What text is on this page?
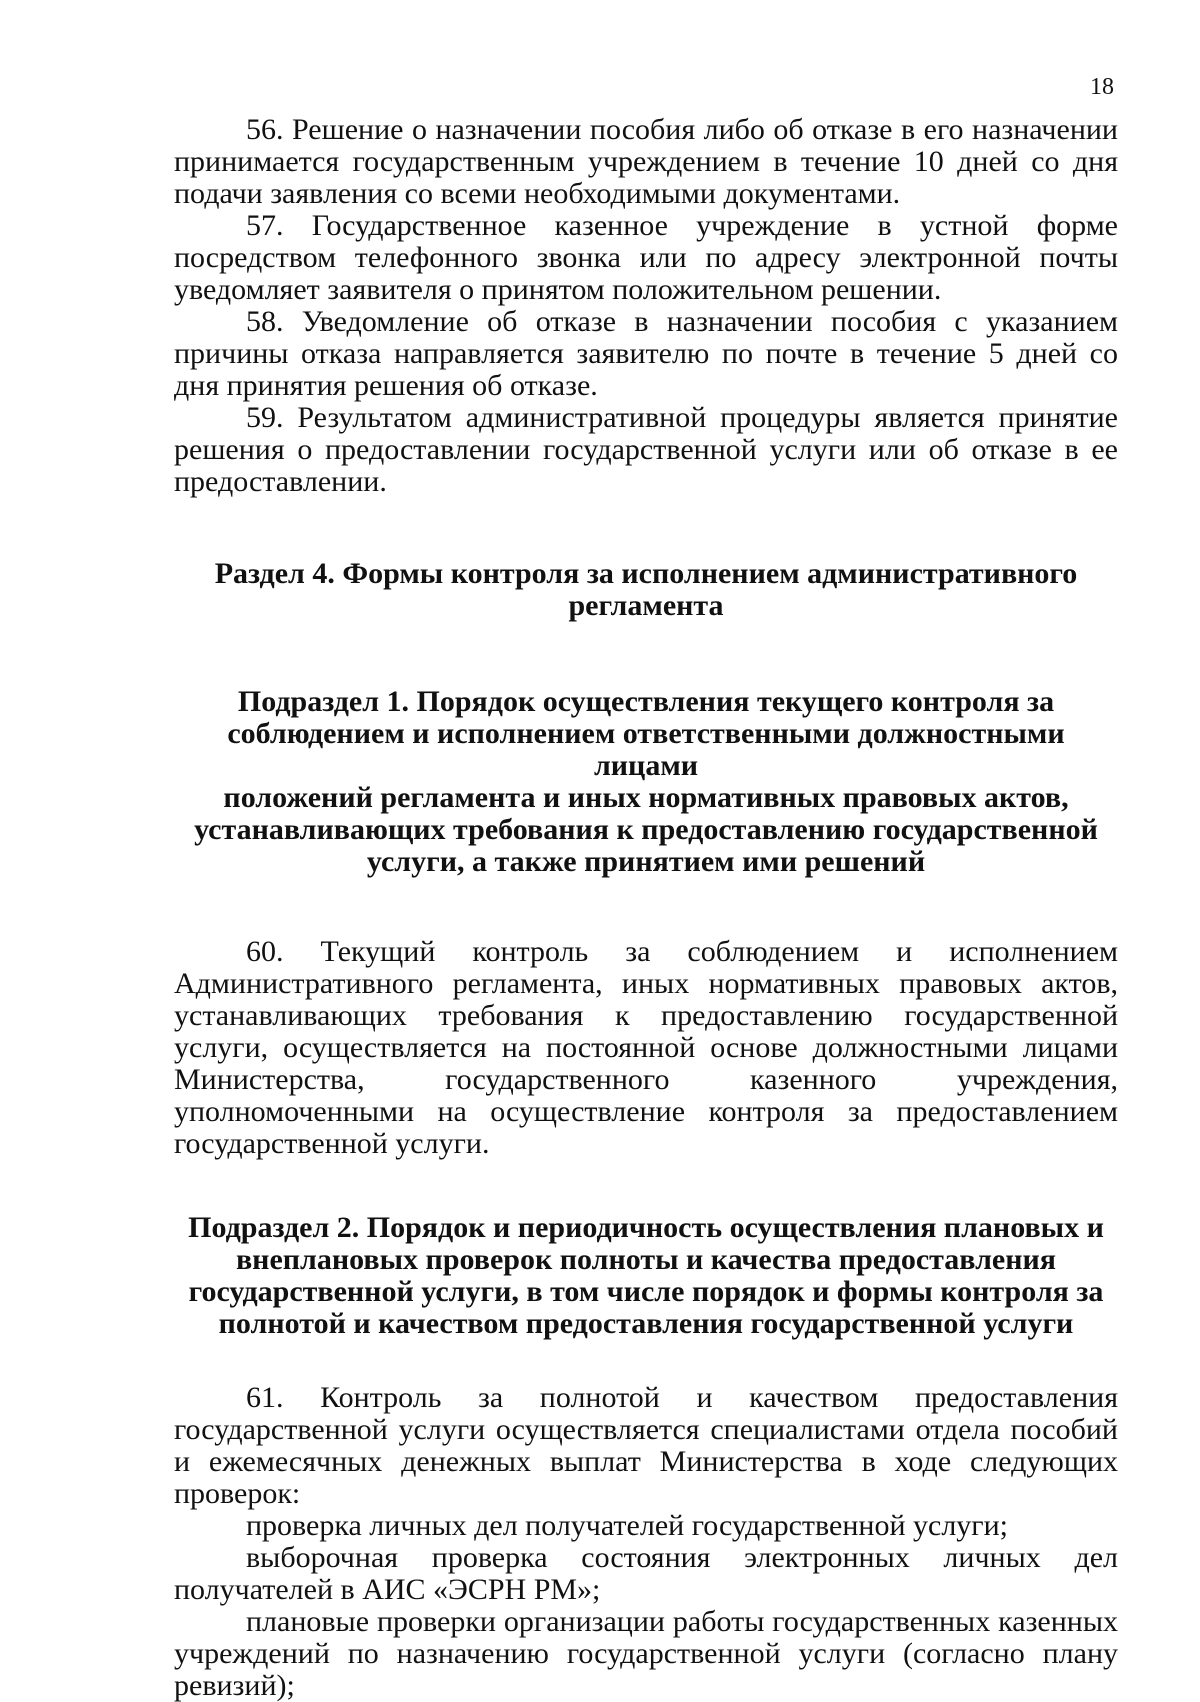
18

56. Решение о назначении пособия либо об отказе в его назначении принимается государственным учреждением в течение 10 дней со дня подачи заявления со всеми необходимыми документами.

57. Государственное казенное учреждение в устной форме посредством телефонного звонка или по адресу электронной почты уведомляет заявителя о принятом положительном решении.

58. Уведомление об отказе в назначении пособия с указанием причины отказа направляется заявителю по почте в течение 5 дней со дня принятия решения об отказе.

59. Результатом административной процедуры является принятие решения о предоставлении государственной услуги или об отказе в ее предоставлении.

Раздел 4. Формы контроля за исполнением административного
регламента
Подраздел 1. Порядок осуществления текущего контроля за
соблюдением и исполнением ответственными должностными лицами
положений регламента и иных нормативных правовых актов,
устанавливающих требования к предоставлению государственной
услуги, а также принятием ими решений

60. Текущий контроль за соблюдением и исполнением Административного регламента, иных нормативных правовых актов, устанавливающих требования к предоставлению государственной услуги, осуществляется на постоянной основе должностными лицами Министерства, государственного казенного учреждения, уполномоченными на осуществление контроля за предоставлением государственной услуги.

Подраздел 2. Порядок и периодичность осуществления плановых и
внеплановых проверок полноты и качества предоставления
государственной услуги, в том числе порядок и формы контроля за
полнотой и качеством предоставления государственной услуги

61. Контроль за полнотой и качеством предоставления государственной услуги осуществляется специалистами отдела пособий и ежемесячных денежных выплат Министерства в ходе следующих проверок:

проверка личных дел получателей государственной услуги;

выборочная проверка состояния электронных личных дел получателей в АИС «ЭСРН РМ»;

плановые проверки организации работы государственных казенных учреждений по назначению государственной услуги (согласно плану ревизий);
